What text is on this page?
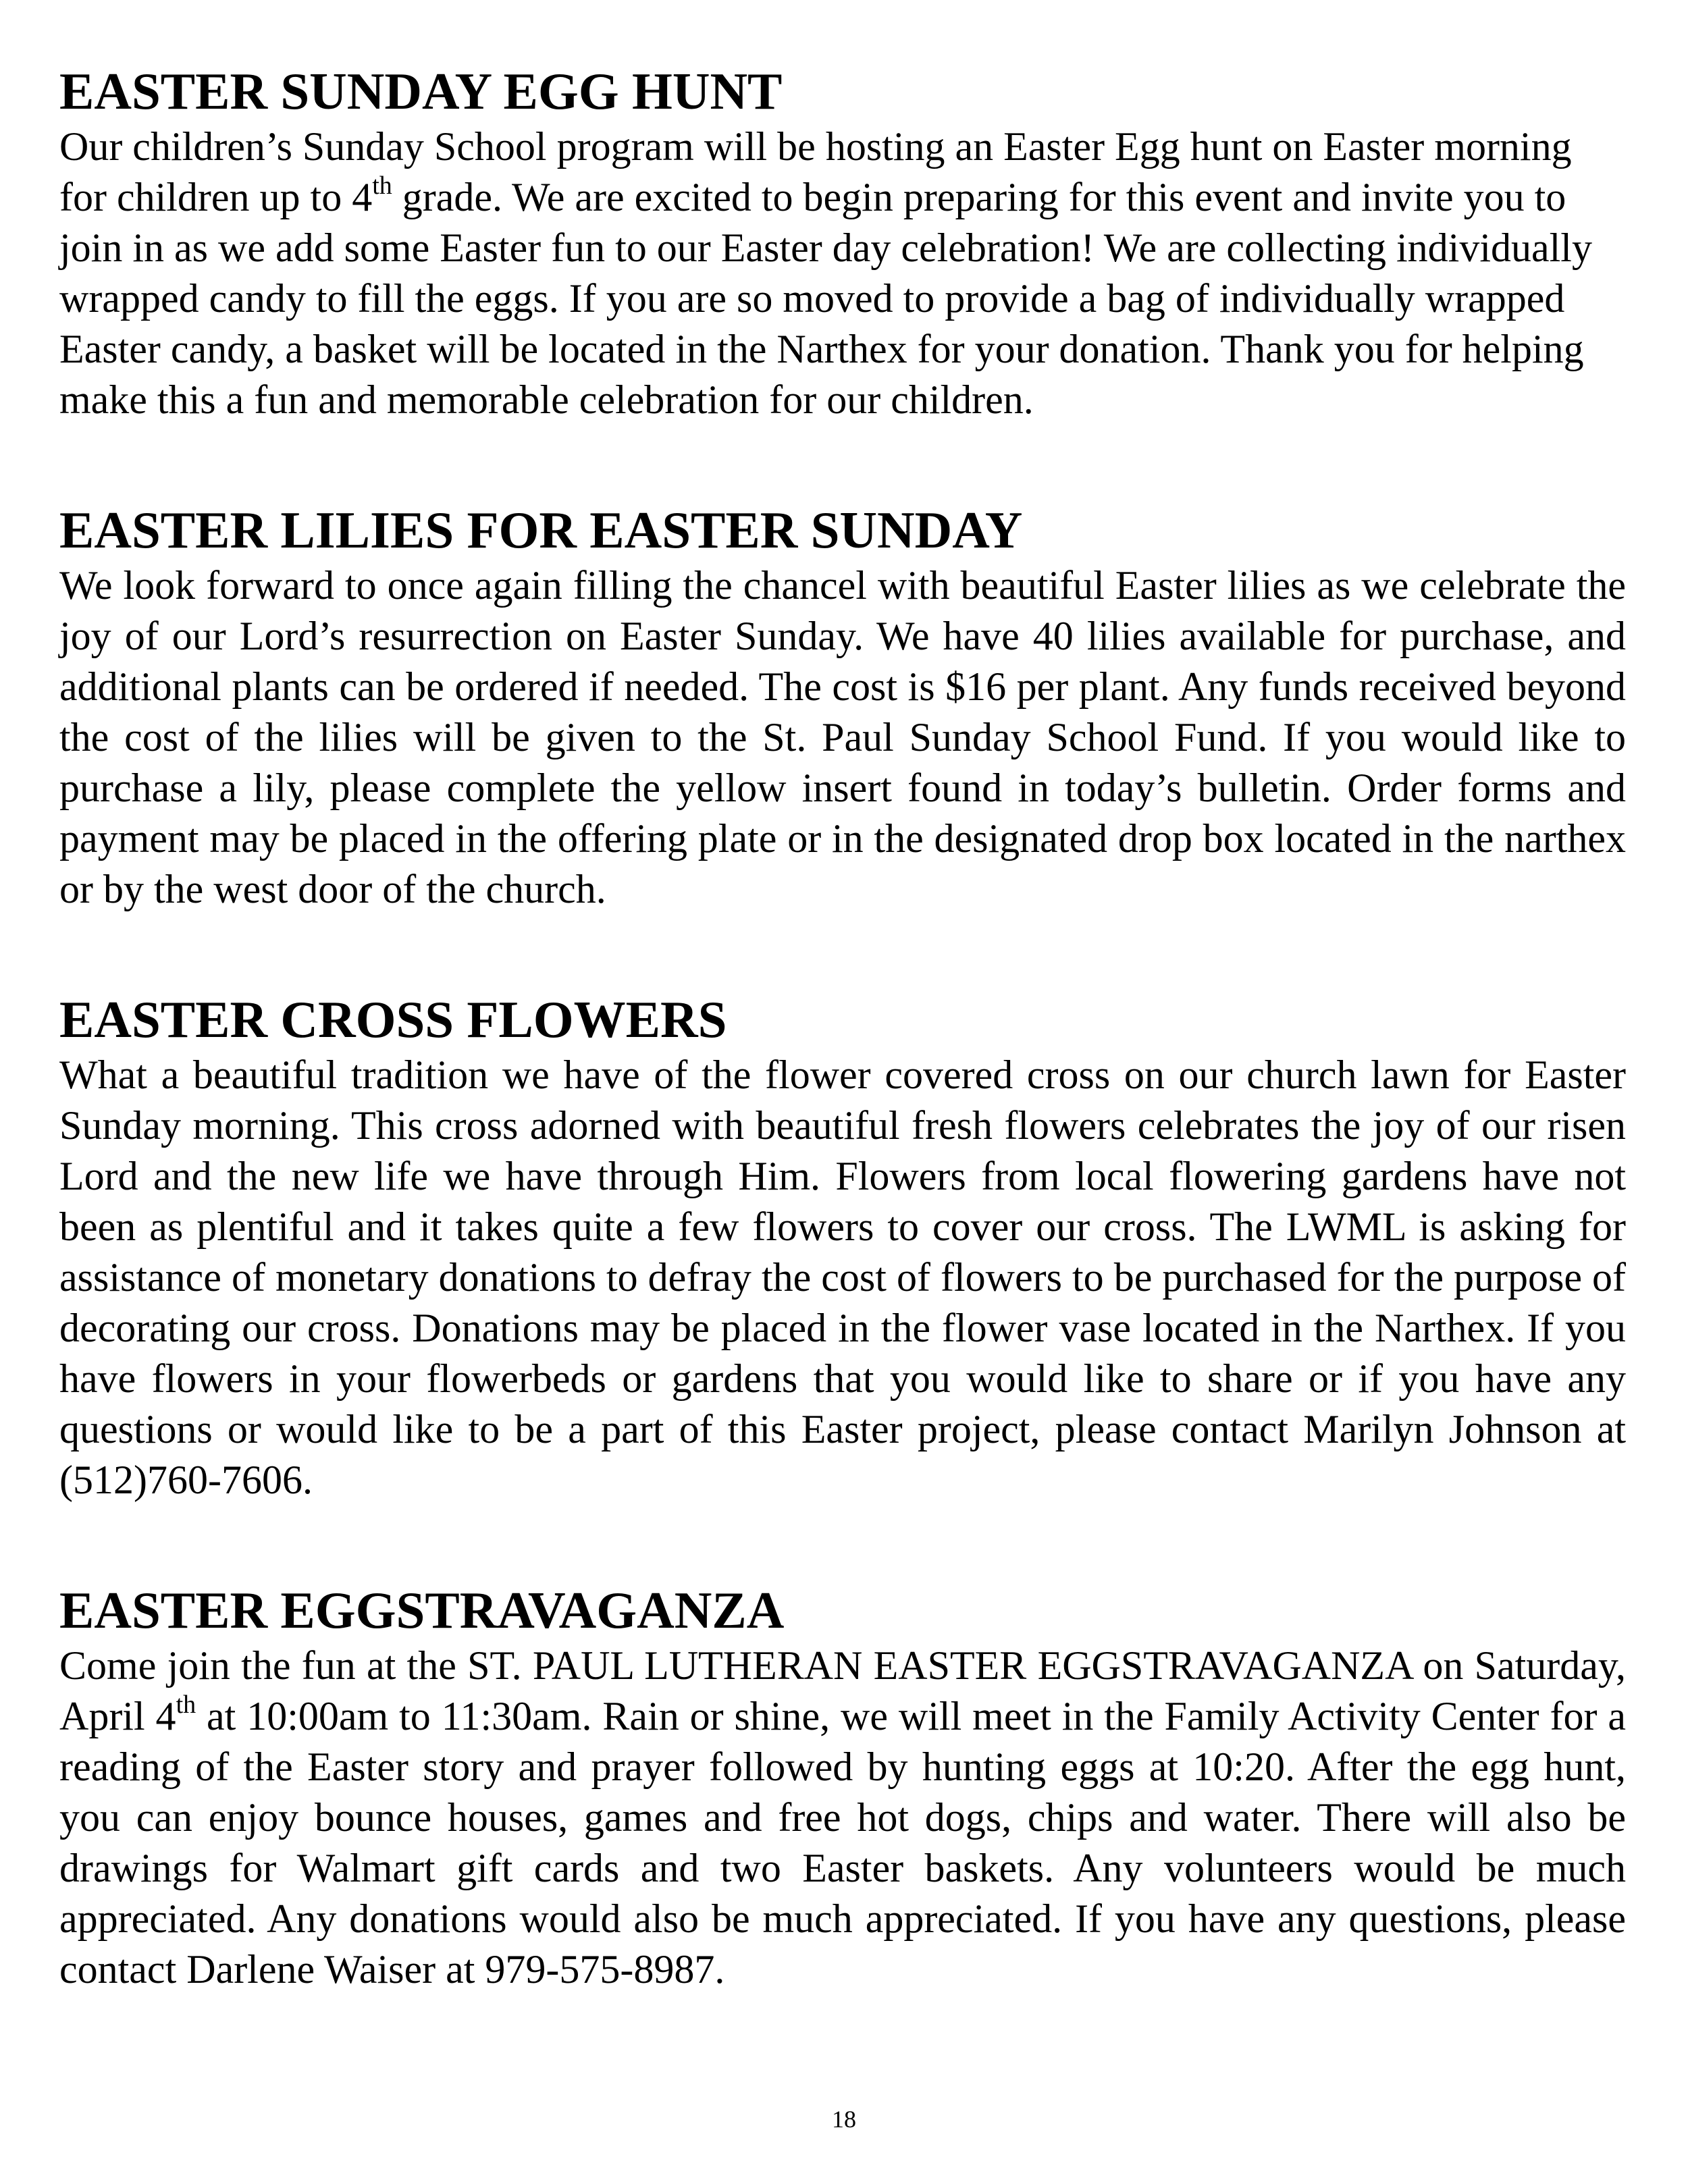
EASTER SUNDAY EGG HUNT

Our children’s Sunday School program will be hosting an Easter Egg hunt on Easter morning for children up to 4th grade. We are excited to begin preparing for this event and invite you to join in as we add some Easter fun to our Easter day celebration! We are collecting individually wrapped candy to fill the eggs. If you are so moved to provide a bag of individually wrapped Easter candy, a basket will be located in the Narthex for your donation. Thank you for helping make this a fun and memorable celebration for our children.

EASTER LILIES FOR EASTER SUNDAY

We look forward to once again filling the chancel with beautiful Easter lilies as we celebrate the joy of our Lord’s resurrection on Easter Sunday. We have 40 lilies available for purchase, and additional plants can be ordered if needed. The cost is $16 per plant. Any funds received beyond the cost of the lilies will be given to the St. Paul Sunday School Fund. If you would like to purchase a lily, please complete the yellow insert found in today’s bulletin. Order forms and payment may be placed in the offering plate or in the designated drop box located in the narthex or by the west door of the church.

EASTER CROSS FLOWERS

What a beautiful tradition we have of the flower covered cross on our church lawn for Easter Sunday morning. This cross adorned with beautiful fresh flowers celebrates the joy of our risen Lord and the new life we have through Him. Flowers from local flowering gardens have not been as plentiful and it takes quite a few flowers to cover our cross. The LWML is asking for assistance of monetary donations to defray the cost of flowers to be purchased for the purpose of decorating our cross. Donations may be placed in the flower vase located in the Narthex. If you have flowers in your flowerbeds or gardens that you would like to share or if you have any questions or would like to be a part of this Easter project, please contact Marilyn Johnson at (512)760-7606.

EASTER EGGSTRAVAGANZA

Come join the fun at the ST. PAUL LUTHERAN EASTER EGGSTRAVAGANZA on Saturday, April 4th at 10:00am to 11:30am. Rain or shine, we will meet in the Family Activity Center for a reading of the Easter story and prayer followed by hunting eggs at 10:20. After the egg hunt, you can enjoy bounce houses, games and free hot dogs, chips and water. There will also be drawings for Walmart gift cards and two Easter baskets. Any volunteers would be much appreciated. Any donations would also be much appreciated. If you have any questions, please contact Darlene Waiser at 979-575-8987.

18
